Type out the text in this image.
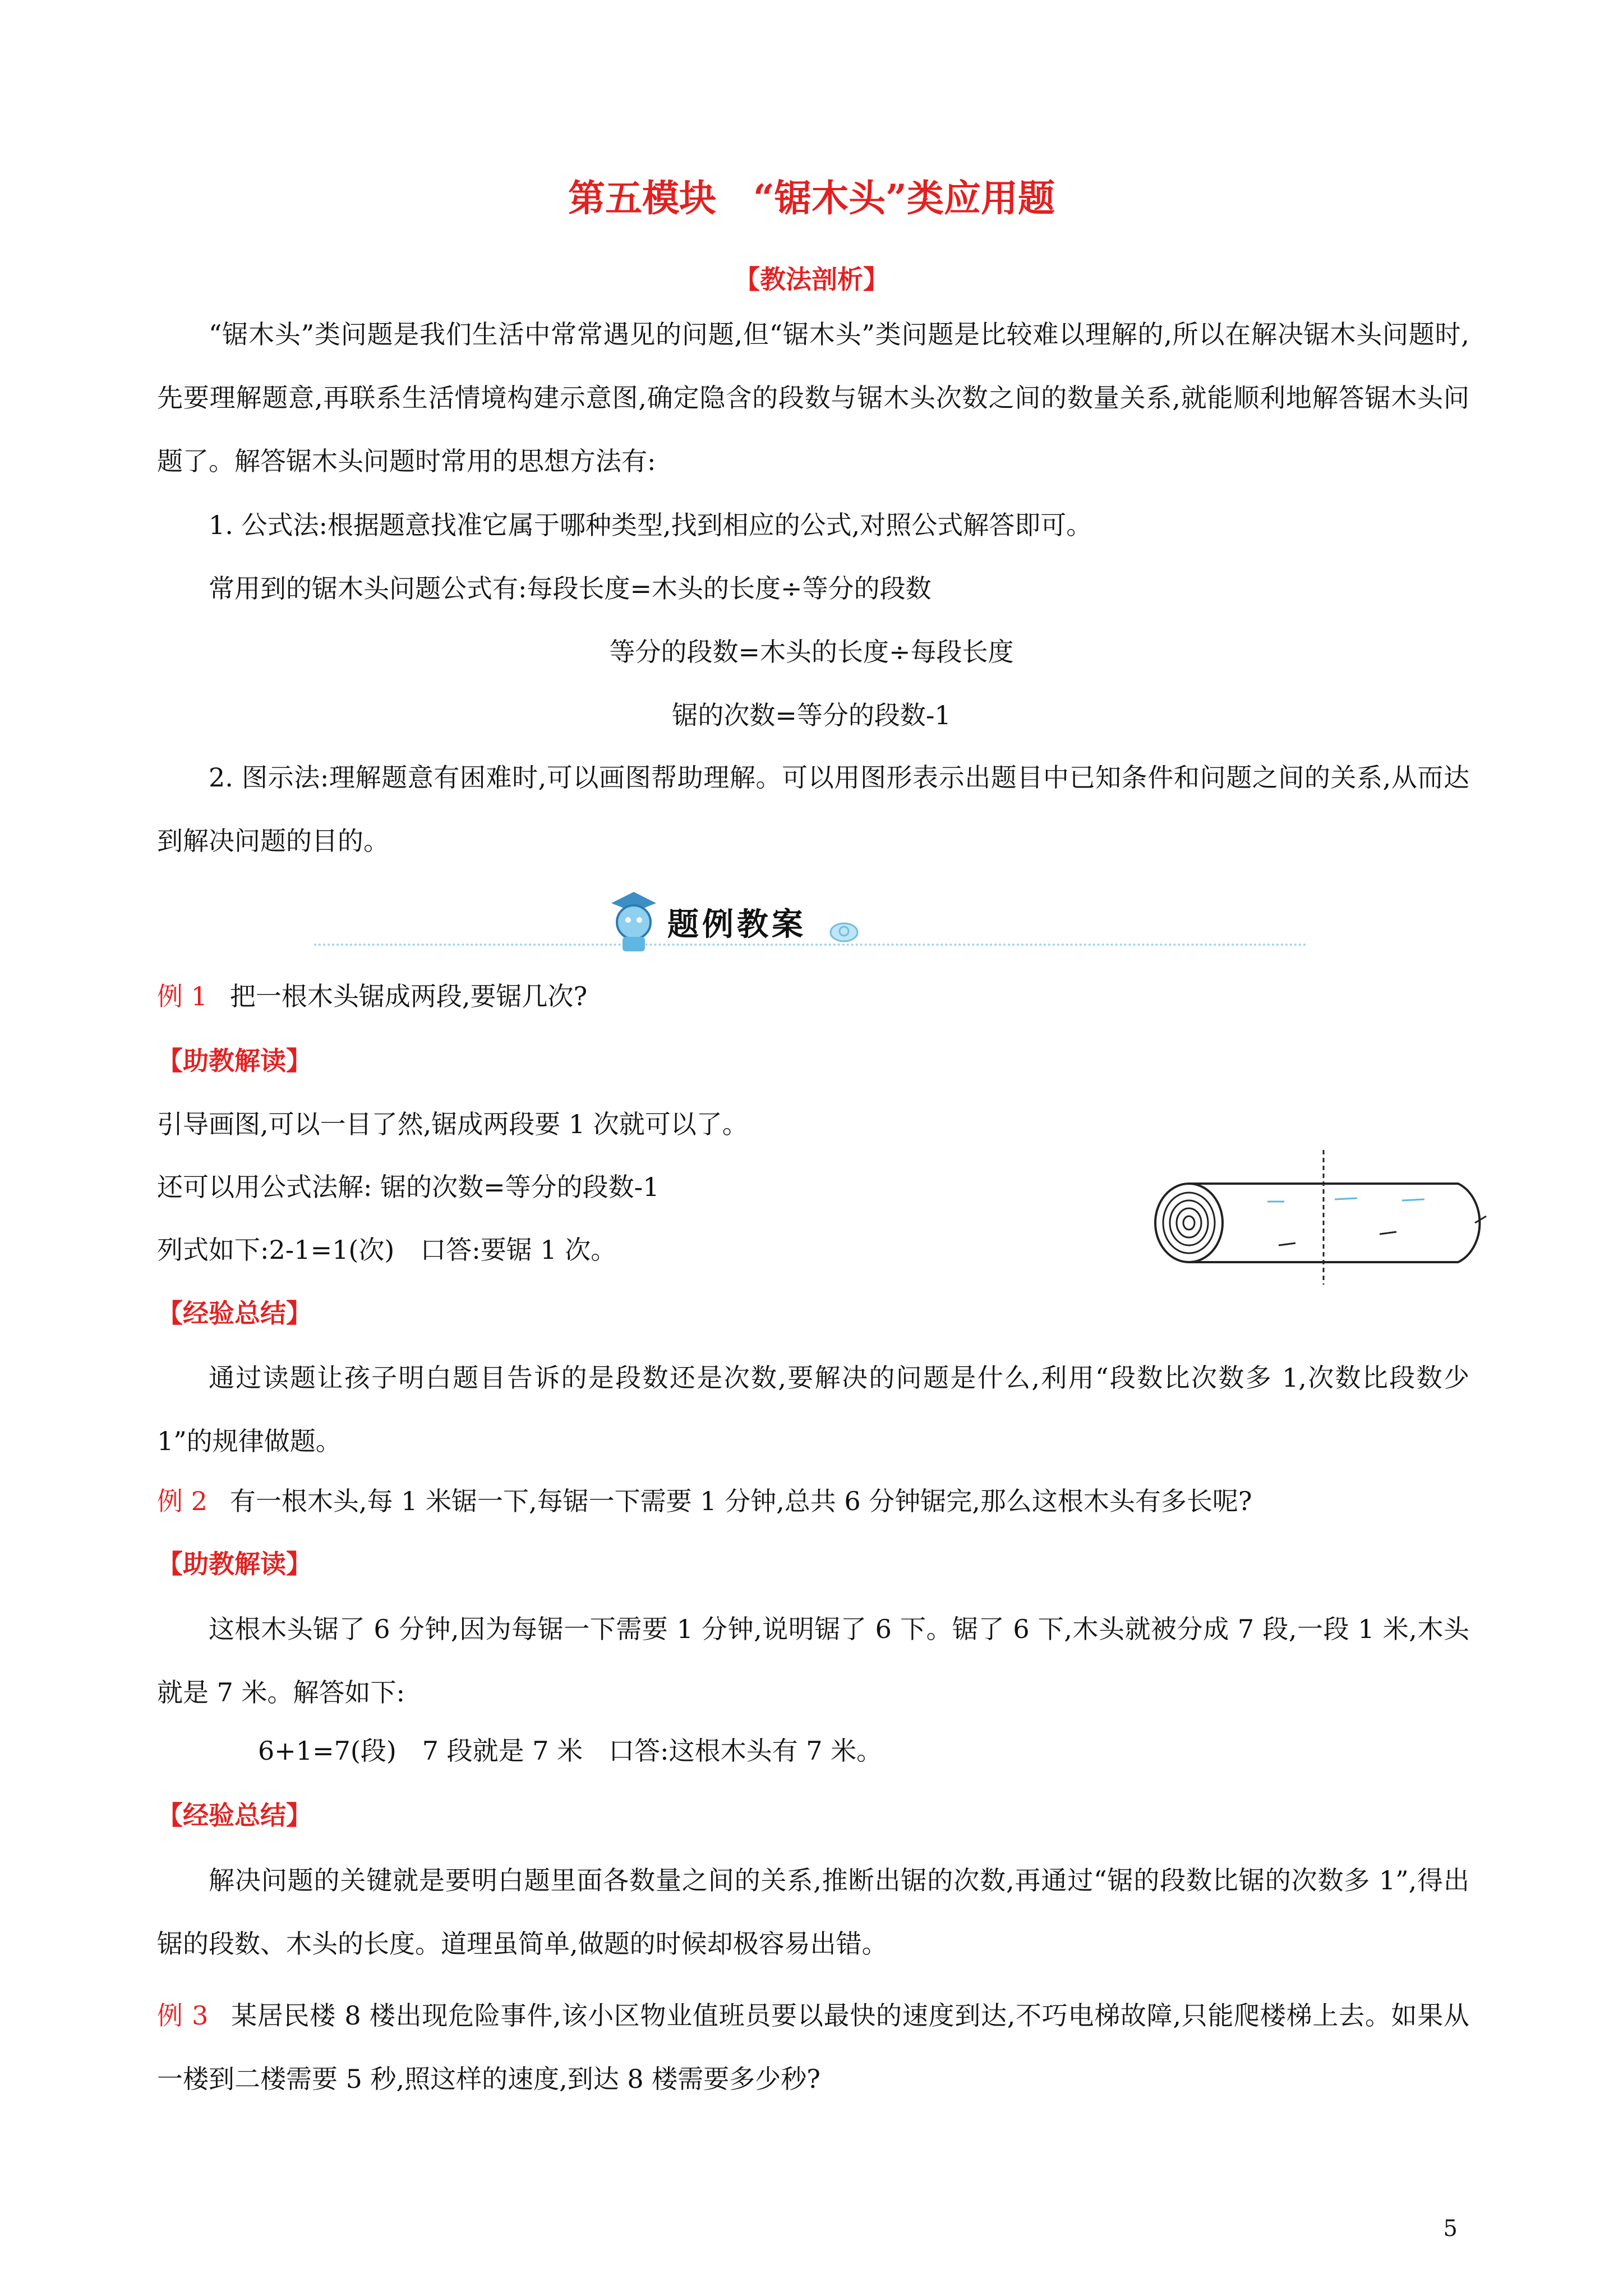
第五模块　“锯木头”类应用题
【教法剖析】
“锯木头”类问题是我们生活中常常遇见的问题,但“锯木头”类问题是比较难以理解的,所以在解决锯木头问题时,先要理解题意,再联系生活情境构建示意图,确定隐含的段数与锯木头次数之间的数量关系,就能顺利地解答锯木头问题了。解答锯木头问题时常用的思想方法有:
1. 公式法:根据题意找准它属于哪种类型,找到相应的公式,对照公式解答即可。
常用到的锯木头问题公式有:每段长度=木头的长度÷等分的段数
等分的段数=木头的长度÷每段长度
锯的次数=等分的段数-1
2. 图示法:理解题意有困难时,可以画图帮助理解。可以用图形表示出题目中已知条件和问题之间的关系,从而达到解决问题的目的。
题例教案
例 1 把一根木头锯成两段,要锯几次?
【助教解读】
引导画图,可以一目了然,锯成两段要 1 次就可以了。
还可以用公式法解: 锯的次数=等分的段数-1
列式如下:2-1=1(次)　口答:要锯 1 次。
【经验总结】
通过读题让孩子明白题目告诉的是段数还是次数,要解决的问题是什么,利用“段数比次数多 1,次数比段数少 1”的规律做题。
例 2 有一根木头,每 1 米锯一下,每锯一下需要 1 分钟,总共 6 分钟锯完,那么这根木头有多长呢?
【助教解读】
这根木头锯了 6 分钟,因为每锯一下需要 1 分钟,说明锯了 6 下。锯了 6 下,木头就被分成 7 段,一段 1 米,木头就是 7 米。解答如下:
6+1=7(段)　7 段就是 7 米　口答:这根木头有 7 米。
【经验总结】
解决问题的关键就是要明白题里面各数量之间的关系,推断出锯的次数,再通过“锯的段数比锯的次数多 1”,得出锯的段数、木头的长度。道理虽简单,做题的时候却极容易出错。
例 3 某居民楼 8 楼出现危险事件,该小区物业值班员要以最快的速度到达,不巧电梯故障,只能爬楼梯上去。如果从一楼到二楼需要 5 秒,照这样的速度,到达 8 楼需要多少秒?
5
